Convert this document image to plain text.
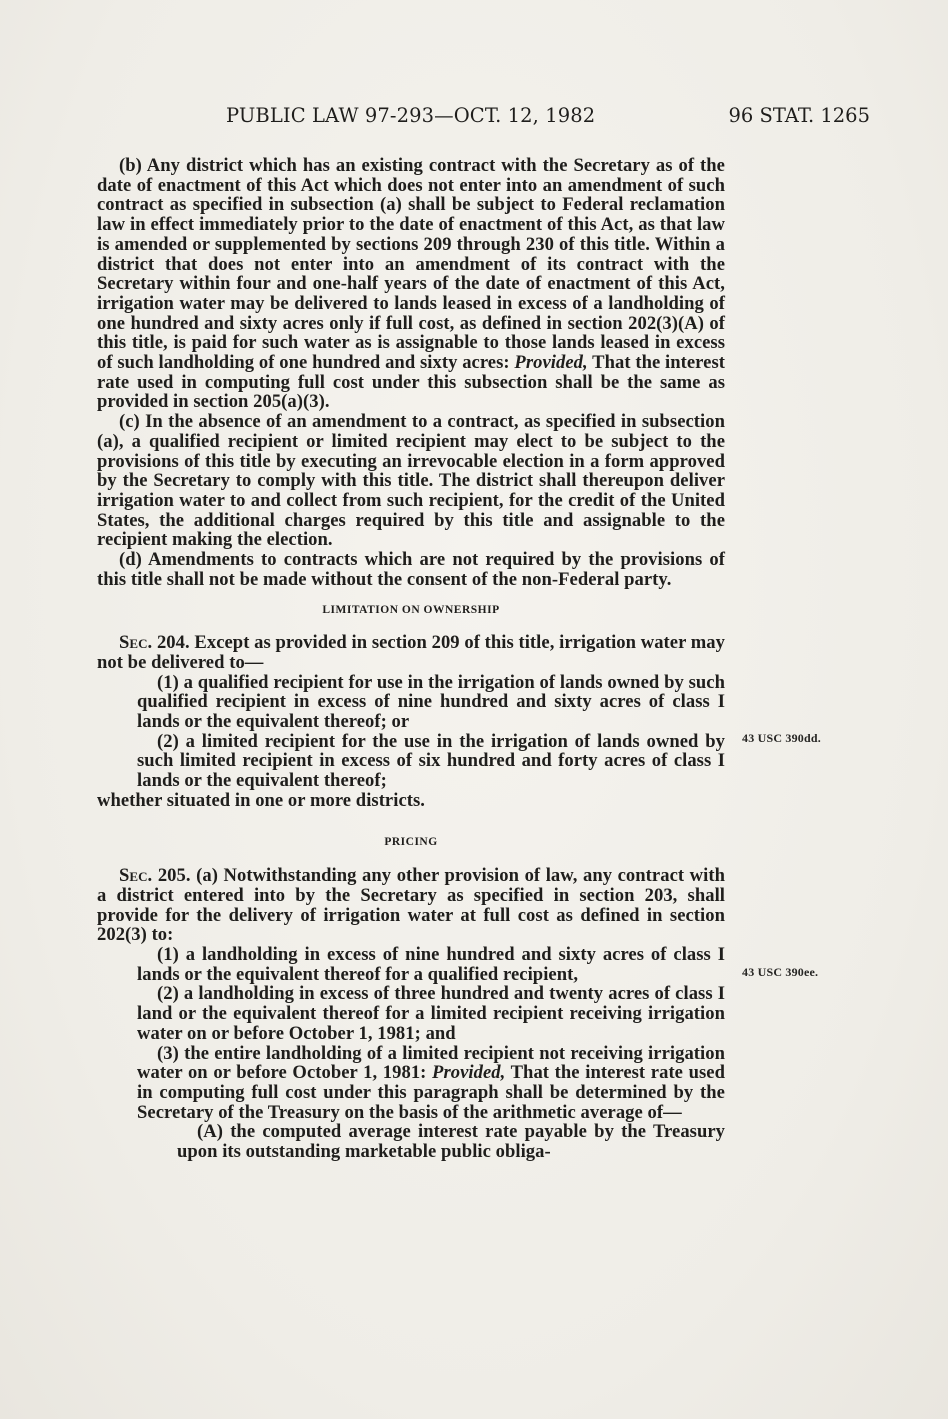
PUBLIC LAW 97-293—OCT. 12, 1982	96 STAT. 1265

(b) Any district which has an existing contract with the Secretary as of the date of enactment of this Act which does not enter into an amendment of such contract as specified in subsection (a) shall be subject to Federal reclamation law in effect immediately prior to the date of enactment of this Act, as that law is amended or supplemented by sections 209 through 230 of this title. Within a district that does not enter into an amendment of its contract with the Secretary within four and one-half years of the date of enactment of this Act, irrigation water may be delivered to lands leased in excess of a landholding of one hundred and sixty acres only if full cost, as defined in section 202(3)(A) of this title, is paid for such water as is assignable to those lands leased in excess of such landholding of one hundred and sixty acres: Provided, That the interest rate used in computing full cost under this subsection shall be the same as provided in section 205(a)(3).

(c) In the absence of an amendment to a contract, as specified in subsection (a), a qualified recipient or limited recipient may elect to be subject to the provisions of this title by executing an irrevocable election in a form approved by the Secretary to comply with this title. The district shall thereupon deliver irrigation water to and collect from such recipient, for the credit of the United States, the additional charges required by this title and assignable to the recipient making the election.

(d) Amendments to contracts which are not required by the provisions of this title shall not be made without the consent of the non-Federal party.

LIMITATION ON OWNERSHIP

Sec. 204. Except as provided in section 209 of this title, irrigation water may not be delivered to—

(1) a qualified recipient for use in the irrigation of lands owned by such qualified recipient in excess of nine hundred and sixty acres of class I lands or the equivalent thereof; or

(2) a limited recipient for the use in the irrigation of lands owned by such limited recipient in excess of six hundred and forty acres of class I lands or the equivalent thereof;

whether situated in one or more districts.

PRICING

Sec. 205. (a) Notwithstanding any other provision of law, any contract with a district entered into by the Secretary as specified in section 203, shall provide for the delivery of irrigation water at full cost as defined in section 202(3) to:

(1) a landholding in excess of nine hundred and sixty acres of class I lands or the equivalent thereof for a qualified recipient,

(2) a landholding in excess of three hundred and twenty acres of class I land or the equivalent thereof for a limited recipient receiving irrigation water on or before October 1, 1981; and

(3) the entire landholding of a limited recipient not receiving irrigation water on or before October 1, 1981: Provided, That the interest rate used in computing full cost under this paragraph shall be determined by the Secretary of the Treasury on the basis of the arithmetic average of—

(A) the computed average interest rate payable by the Treasury upon its outstanding marketable public obliga-

43 USC 390dd.
43 USC 390ee.
